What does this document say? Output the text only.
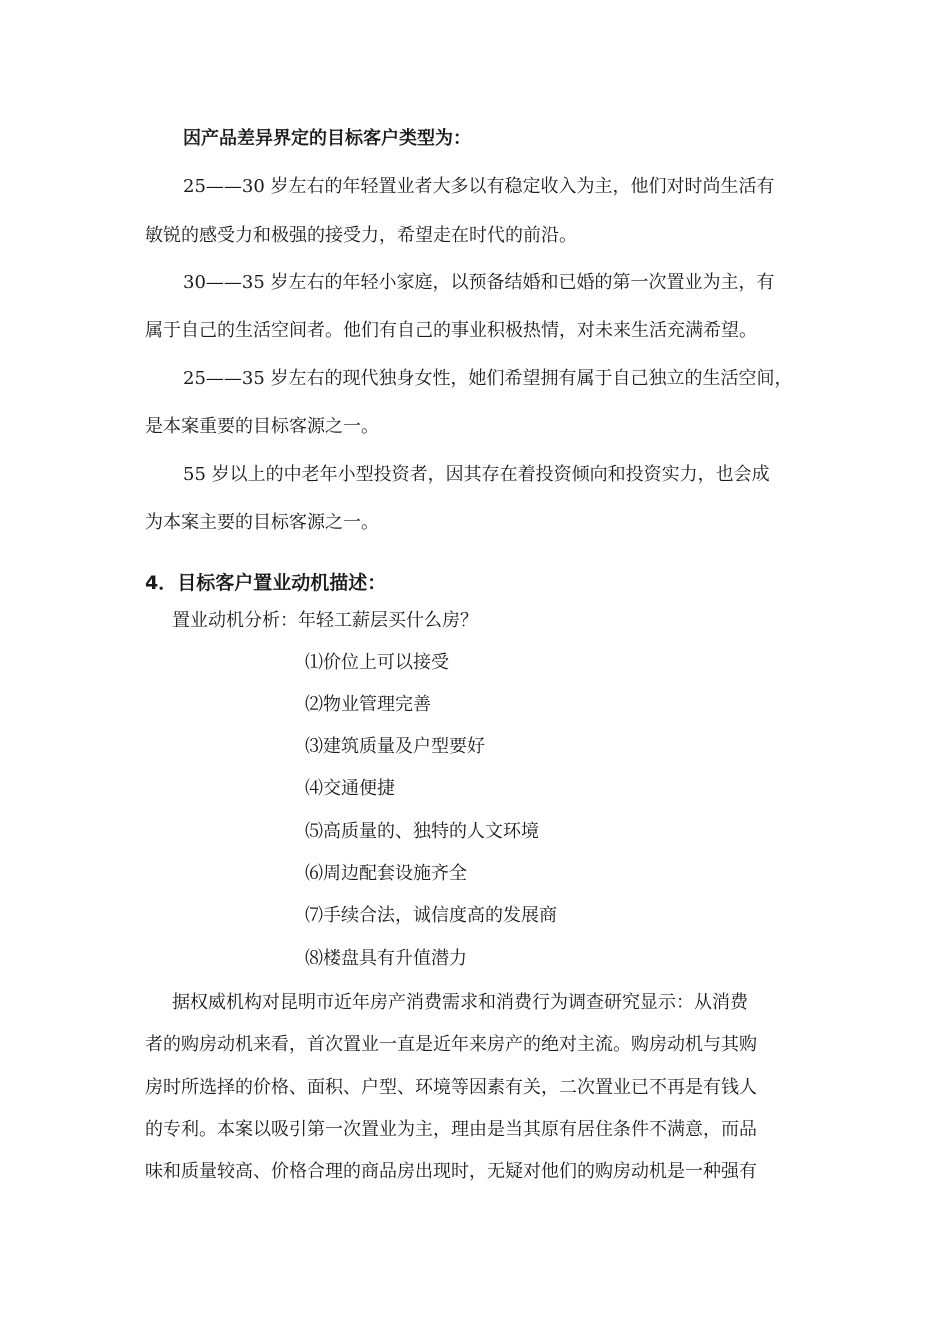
因产品差异界定的目标客户类型为：
25——30 岁左右的年轻置业者大多以有稳定收入为主，他们对时尚生活有
敏锐的感受力和极强的接受力，希望走在时代的前沿。
30——35 岁左右的年轻小家庭，以预备结婚和已婚的第一次置业为主，有
属于自己的生活空间者。他们有自己的事业积极热情，对未来生活充满希望。
25——35 岁左右的现代独身女性，她们希望拥有属于自己独立的生活空间，
是本案重要的目标客源之一。
55 岁以上的中老年小型投资者，因其存在着投资倾向和投资实力，也会成
为本案主要的目标客源之一。
4．目标客户置业动机描述：
置业动机分析：年轻工薪层买什么房？
⑴价位上可以接受
⑵物业管理完善
⑶建筑质量及户型要好
⑷交通便捷
⑸高质量的、独特的人文环境
⑹周边配套设施齐全
⑺手续合法，诚信度高的发展商
⑻楼盘具有升值潜力
据权威机构对昆明市近年房产消费需求和消费行为调查研究显示：从消费
者的购房动机来看，首次置业一直是近年来房产的绝对主流。购房动机与其购
房时所选择的价格、面积、户型、环境等因素有关，二次置业已不再是有钱人
的专利。本案以吸引第一次置业为主，理由是当其原有居住条件不满意，而品
味和质量较高、价格合理的商品房出现时，无疑对他们的购房动机是一种强有
